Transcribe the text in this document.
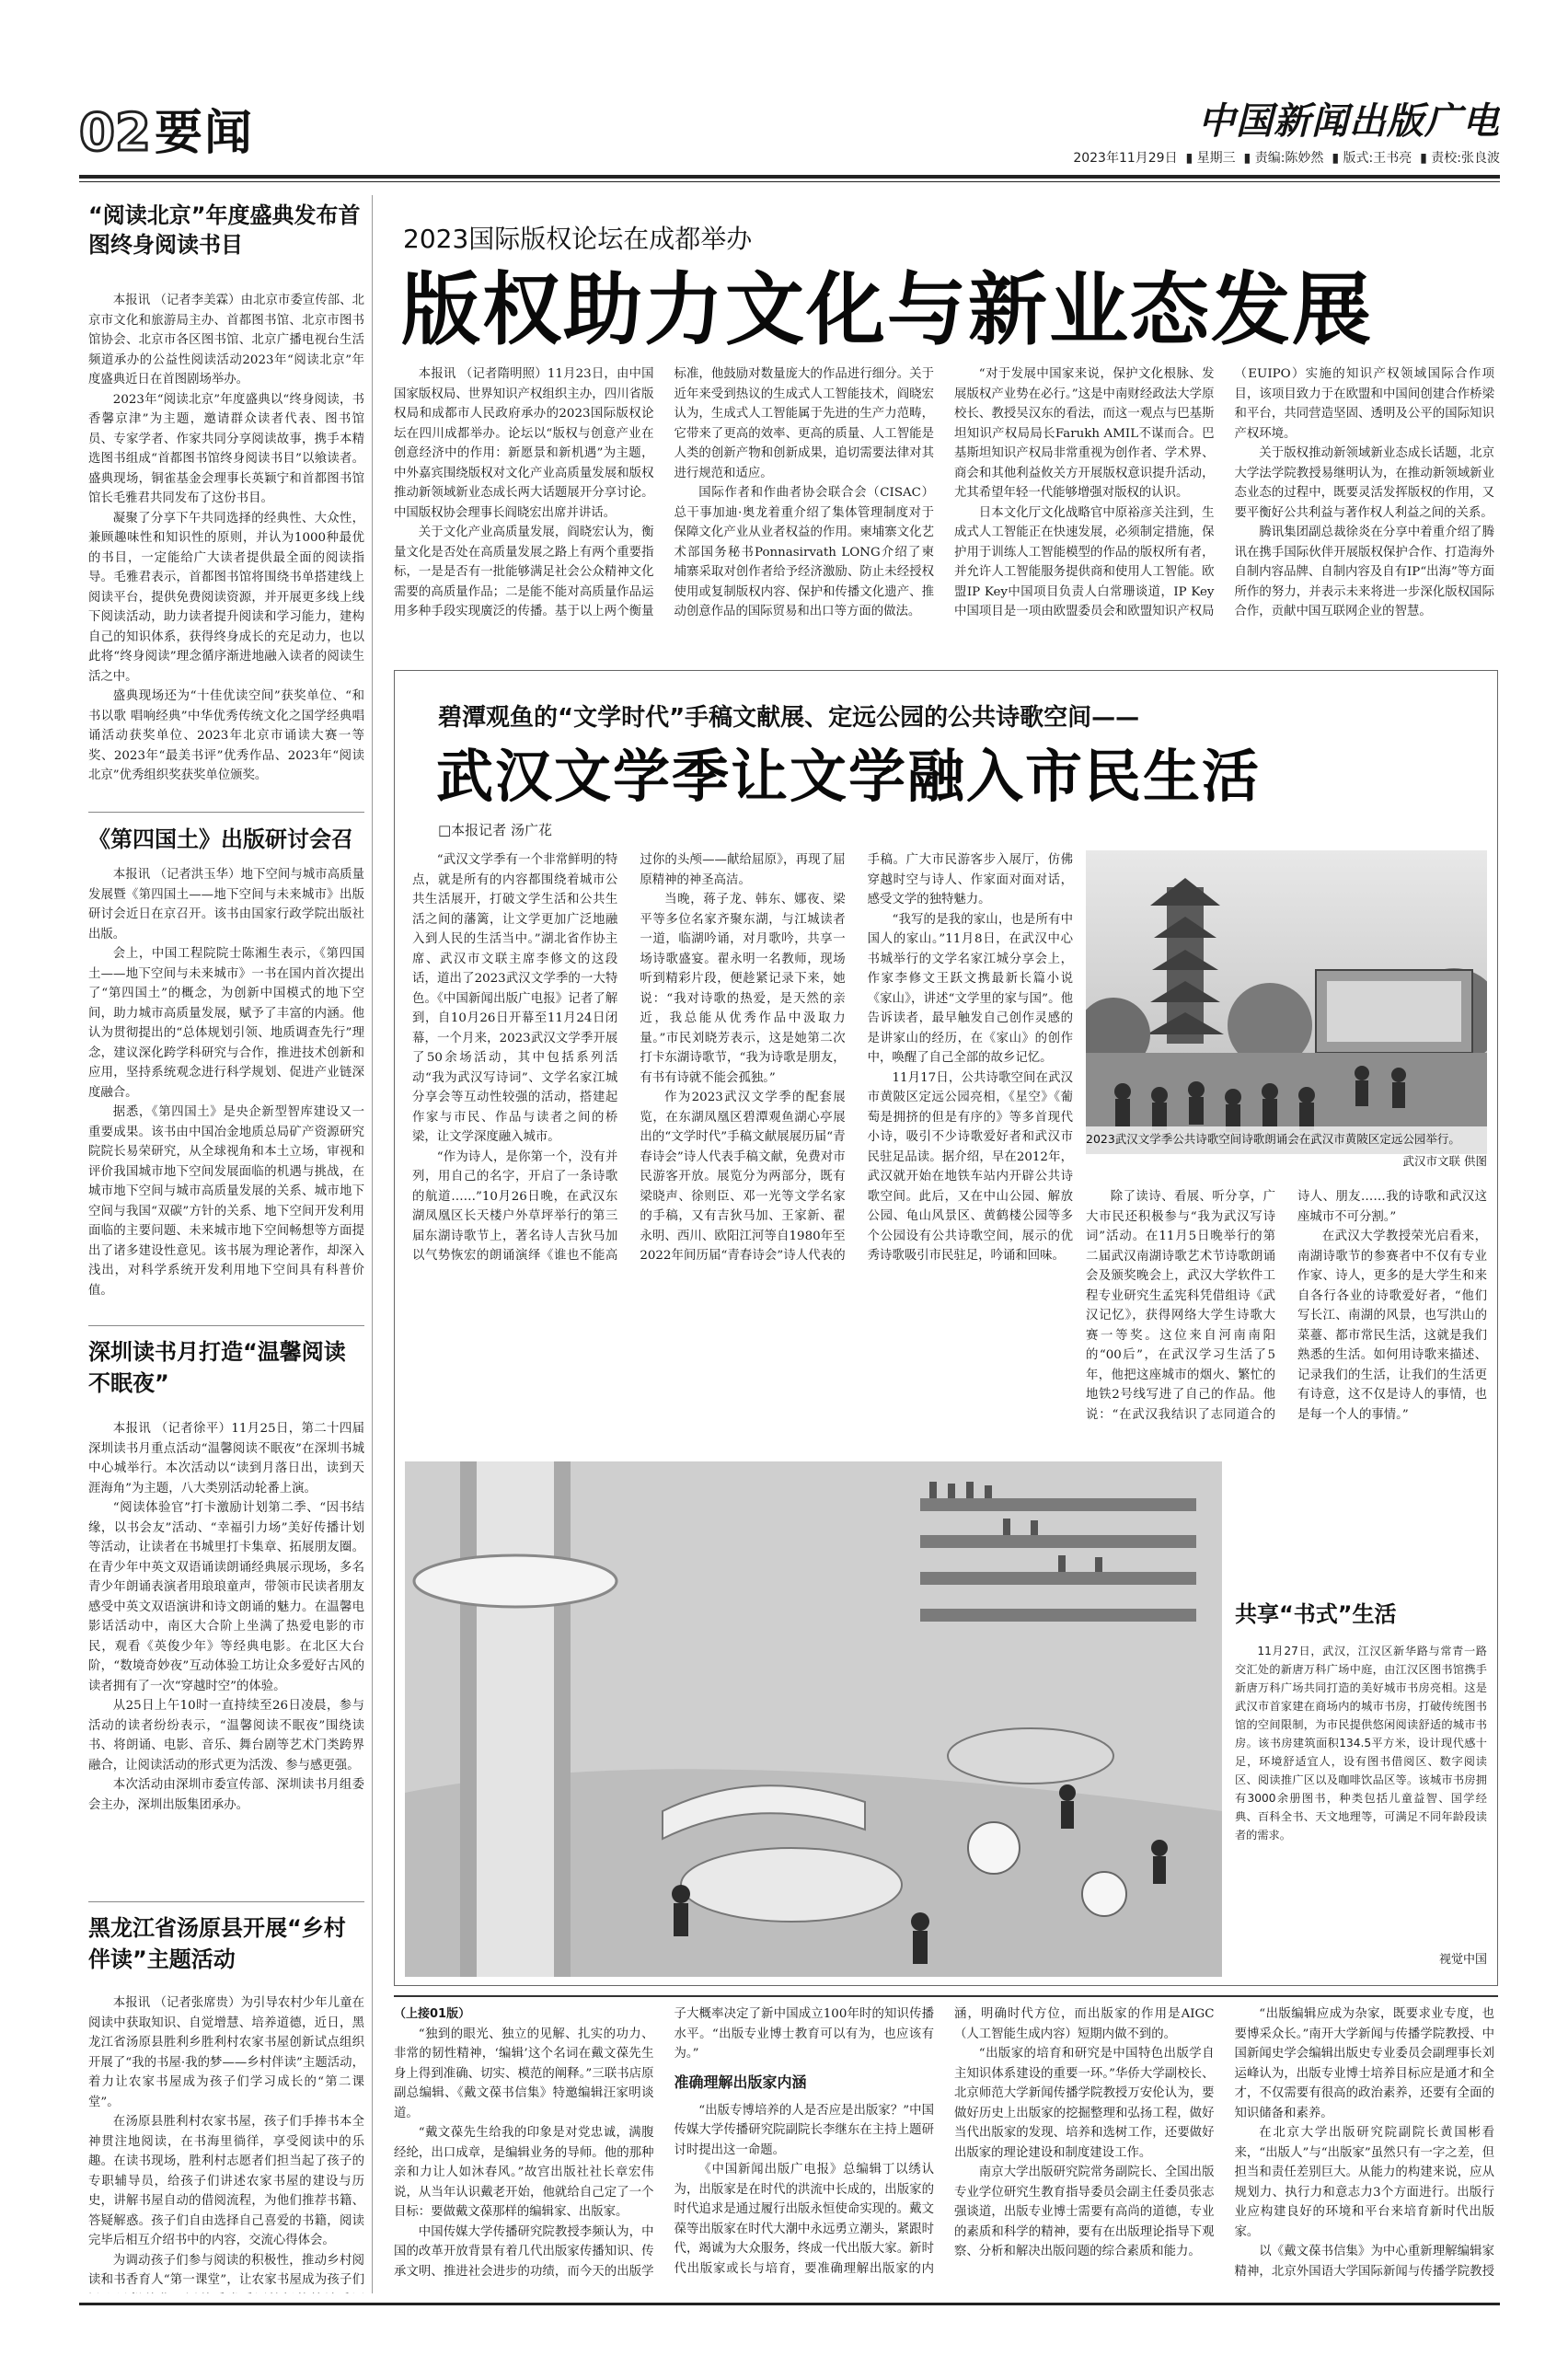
02 要闻	中国新闻出版广电
2023年11月29日  ▮ 星期三  ▮ 责编:陈妙然  ▮ 版式:王书亮  ▮ 责校:张良波
“阅读北京”年度盛典发布首图终身阅读书目

本报讯 （记者李美霖）由北京市委宣传部、北京市文化和旅游局主办、首都图书馆、北京市图书馆协会、北京市各区图书馆、北京广播电视台生活频道承办的公益性阅读活动2023年“阅读北京”年度盛典近日在首图剧场举办。

2023年“阅读北京”年度盛典以“终身阅读，书香馨京津”为主题，邀请群众读者代表、图书馆员、专家学者、作家共同分享阅读故事，携手本精选图书组成“首都图书馆终身阅读书目”以飨读者。盛典现场，铜雀基金会理事长英颖宁和首都图书馆馆长毛雅君共同发布了这份书目。

凝聚了分享下午共同选择的经典性、大众性，兼顾趣味性和知识性的原则，并认为1000种最优的书目，一定能给广大读者提供最全面的阅读指导。毛雅君表示，首都图书馆将围绕书单搭建线上阅读平台，提供免费阅读资源，并开展更多线上线下阅读活动，助力读者提升阅读和学习能力，建构自己的知识体系，获得终身成长的充足动力，也以此将“终身阅读”理念循序渐进地融入读者的阅读生活之中。

盛典现场还为“十佳优读空间”获奖单位、“和书以歌 唱响经典”中华优秀传统文化之国学经典唱诵活动获奖单位、2023年北京市诵读大赛一等奖、2023年“最美书评”优秀作品、2023年“阅读北京”优秀组织奖获奖单位颁奖。

《第四国土》出版研讨会召

本报讯 （记者洪玉华）地下空间与城市高质量发展暨《第四国土——地下空间与未来城市》出版研讨会近日在京召开。该书由国家行政学院出版社出版。

会上，中国工程院院士陈湘生表示，《第四国土——地下空间与未来城市》一书在国内首次提出了“第四国土”的概念，为创新中国模式的地下空间，助力城市高质量发展，赋予了丰富的内涵。他认为贯彻提出的“总体规划引领、地质调查先行”理念，建议深化跨学科研究与合作，推进技术创新和应用，坚持系统观念进行科学规划、促进产业链深度融合。

据悉，《第四国土》是央企新型智库建设又一重要成果。该书由中国冶金地质总局矿产资源研究院院长易荣研究，从全球视角和本土立场，审视和评价我国城市地下空间发展面临的机遇与挑战，在城市地下空间与城市高质量发展的关系、城市地下空间与我国“双碳”方针的关系、地下空间开发利用面临的主要问题、未来城市地下空间畅想等方面提出了诸多建设性意见。该书展为理论著作，却深入浅出，对科学系统开发利用地下空间具有科普价值。

深圳读书月打造“温馨阅读不眠夜”

本报讯 （记者徐平）11月25日，第二十四届深圳读书月重点活动“温馨阅读不眠夜”在深圳书城中心城举行。本次活动以“读到月落日出，读到天涯海角”为主题，八大类别活动轮番上演。

“阅读体验官”打卡激励计划第二季、“因书结缘，以书会友”活动、“幸福引力场”美好传播计划等活动，让读者在书城里打卡集章、拓展朋友圈。在青少年中英文双语诵读朗诵经典展示现场，多名青少年朗诵表演者用琅琅童声，带领市民读者朋友感受中英文双语演讲和诗文朗诵的魅力。在温馨电影话活动中，南区大合阶上坐满了热爱电影的市民，观看《英俊少年》等经典电影。在北区大台阶，“数境奇妙夜”互动体验工坊让众多爱好古风的读者拥有了一次“穿越时空”的体验。

从25日上午10时一直持续至26日凌晨，参与活动的读者纷纷表示，“温馨阅读不眠夜”围绕读书、将朗诵、电影、音乐、舞台剧等艺术门类跨界融合，让阅读活动的形式更为活泼、参与感更强。

本次活动由深圳市委宣传部、深圳读书月组委会主办，深圳出版集团承办。

黑龙江省汤原县开展“乡村伴读”主题活动

本报讯 （记者张席贵）为引导农村少年儿童在阅读中获取知识、自觉增慧、培养道德，近日，黑龙江省汤原县胜利乡胜利村农家书屋创新试点组织开展了“我的书屋·我的梦——乡村伴读”主题活动，着力让农家书屋成为孩子们学习成长的“第二课堂”。

在汤原县胜利村农家书屋，孩子们手捧书本全神贯注地阅读，在书海里徜徉，享受阅读中的乐趣。在读书现场，胜利村志愿者们担当起了孩子的专职辅导员，给孩子们讲述农家书屋的建设与历史，讲解书屋自动的借阅流程，为他们推荐书籍、答疑解惑。孩子们自由选择自己喜爱的书籍，阅读完毕后相互介绍书中的内容，交流心得体会。

为调动孩子们参与阅读的积极性，推动乡村阅读和书香育人“第一课堂”，让农家书屋成为孩子们

2023国际版权论坛在成都举办
版权助力文化与新业态发展

本报讯 （记者隋明照）11月23日，由中国国家版权局、世界知识产权组织主办，四川省版权局和成都市人民政府承办的2023国际版权论坛在四川成都举办。论坛以“版权与创意产业在创意经济中的作用：新愿景和新机遇”为主题，中外嘉宾围绕版权对文化产业高质量发展和版权推动新领域新业态成长两大话题展开分享讨论。中国版权协会理事长阎晓宏出席并讲话。

关于文化产业高质量发展，阎晓宏认为，衡量文化是否处在高质量发展之路上有两个重要指标，一是是否有一批能够满足社会公众精神文化需要的高质量作品；二是能不能对高质量作品运用多种手段实现廣泛的传播。基于以上两个衡量标准，他鼓励对数量庞大的作品进行细分。关于近年来受到热议的生成式人工智能技术，阎晓宏认为，生成式人工智能属于先进的生产力范畴，它带来了更高的效率、更高的质量、人工智能是人类的创新产物和创新成果，追切需要法律对其进行规范和适应。

国际作者和作曲者协会联合会（CISAC）总干事加迪·奥龙着重介绍了集体管理制度对于保障文化产业从业者权益的作用。柬埔寨文化艺术部国务秘书Ponnasirvath LONG介绍了柬埔寨采取对创作者给予经济激励、防止未经授权使用或复制版权内容、保护和传播文化遗产、推动创意作品的国际贸易和出口等方面的做法。

“对于发展中国家来说，保护文化根脉、发展版权产业势在必行。”这是中南财经政法大学原校长、教授吴汉东的看法，而这一观点与巴基斯坦知识产权局局长Farukh AMIL不谋而合。巴基斯坦知识产权局非常重视为创作者、学术界、商会和其他利益攸关方开展版权意识提升活动，尤其希望年轻一代能够增强对版权的认识。

日本文化厅文化战略官中原裕彦关注到，生成式人工智能正在快速发展，必须制定措施，保护用于训练人工智能模型的作品的版权所有者，并允许人工智能服务提供商和使用人工智能。欧盟IP Key中国项目负责人白常珊谈道，IP Key中国项目是一项由欧盟委员会和欧盟知识产权局（EUIPO）实施的知识产权领域国际合作项目，该项目致力于在欧盟和中国间创建合作桥梁和平台，共同营造坚固、透明及公平的国际知识产权环境。

关于版权推动新领域新业态成长话题，北京大学法学院教授易继明认为，在推动新领域新业态业态的过程中，既要灵活发挥版权的作用，又要平衡好公共利益与著作权人利益之间的关系。

腾讯集团副总裁徐炎在分享中着重介绍了腾讯在携手国际伙伴开展版权保护合作、打造海外自制内容品牌、自制内容及自有IP“出海”等方面所作的努力，并表示未来将进一步深化版权国际合作，贡献中国互联网企业的智慧。

碧潭观鱼的“文学时代”手稿文献展、定远公园的公共诗歌空间——
武汉文学季让文学融入市民生活
□本报记者 汤广花

“武汉文学季有一个非常鲜明的特点，就是所有的内容都围绕着城市公共生活展开，打破文学生活和公共生活之间的藩篱，让文学更加广泛地融入到人民的生活当中。”湖北省作协主席、武汉市文联主席李修文的这段话，道出了2023武汉文学季的一大特色。《中国新闻出版广电报》记者了解到，自10月26日开幕至11月24日闭幕，一个月来，2023武汉文学季开展了50余场活动，其中包括系列活动“我为武汉写诗词”、文学名家江城分享会等互动性较强的活动，搭建起作家与市民、作品与读者之间的桥梁，让文学深度融入城市。

“作为诗人，是你第一个，没有并列，用自己的名字，开启了一条诗歌的航道……”10月26日晚，在武汉东湖凤凰区长天楼户外草坪举行的第三届东湖诗歌节上，著名诗人吉狄马加以气势恢宏的朗诵演绎《谁也不能高过你的头颅——献给屈原》，再现了屈原精神的神圣高洁。

当晚，蒋子龙、韩东、娜夜、梁平等多位名家齐聚东湖，与江城读者一道，临湖吟诵，对月歌吟，共享一场诗歌盛宴。翟永明一名教师，现场听到精彩片段，便趁紧记录下来，她说：“我对诗歌的热爱，是天然的亲近，我总能从优秀作品中汲取力量。”市民刘晓芳表示，这是她第二次打卡东湖诗歌节，“我为诗歌是朋友，有书有诗就不能会孤独。”

作为2023武汉文学季的配套展览，在东湖凤凰区碧潭观鱼湖心亭展出的“文学时代”手稿文献展展历届“青春诗会”诗人代表手稿文献，免费对市民游客开放。展览分为两部分，既有梁晓声、徐则臣、邓一光等文学名家的手稿，又有吉狄马加、王家新、翟永明、西川、欧阳江河等自1980年至2022年间历届“青春诗会”诗人代表的手稿。广大市民游客步入展厅，仿佛穿越时空与诗人、作家面对面对话，感受文学的独特魅力。

“我写的是我的家山，也是所有中国人的家山。”11月8日，在武汉中心书城举行的文学名家江城分享会上，作家李修文王跃文携最新长篇小说《家山》，讲述“文学里的家与国”。他告诉读者，最早触发自己创作灵感的是讲家山的经历，在《家山》的创作中，唤醒了自己全部的故乡记忆。

11月17日，公共诗歌空间在武汉市黄陂区定远公园亮相，《星空》《葡萄是拥挤的但是有序的》等多首现代小诗，吸引不少诗歌爱好者和武汉市民驻足品读。据介绍，早在2012年，武汉就开始在地铁车站内开辟公共诗歌空间。此后，又在中山公园、解放公园、龟山风景区、黄鹤楼公园等多个公园设有公共诗歌空间，展示的优秀诗歌吸引市民驻足，吟诵和回味。

2023武汉文学季公共诗歌空间诗歌朗诵会在武汉市黄陂区定远公园举行。
武汉市文联 供图

除了读诗、看展、听分享，广大市民还积极参与“我为武汉写诗词”活动。在11月5日晚举行的第二届武汉南湖诗歌艺术节诗歌朗诵会及颁奖晚会上，武汉大学软件工程专业研究生孟宪科凭借组诗《武汉记忆》，获得网络大学生诗歌大赛一等奖。这位来自河南南阳的“00后”，在武汉学习生活了5年，他把这座城市的烟火、繁忙的地铁2号线写进了自己的作品。他说：“在武汉我结识了志同道合的诗人、朋友……我的诗歌和武汉这座城市不可分割。”

在武汉大学教授荣光启看来，南湖诗歌节的参赛者中不仅有专业作家、诗人，更多的是大学生和来自各行各业的诗歌爱好者，“他们写长江、南湖的风景，也写洪山的菜薹、都市常民生活，这就是我们熟悉的生活。如何用诗歌来描述、记录我们的生活，让我们的生活更有诗意，这不仅是诗人的事情，也是每一个人的事情。”

共享“书式”生活
11月27日，武汉，江汉区新华路与常青一路交汇处的新唐万科广场中庭，由江汉区图书馆携手新唐万科广场共同打造的美好城市书房亮相。这是武汉市首家建在商场内的城市书房，打破传统图书馆的空间限制，为市民提供悠闲阅读舒适的城市书房。该书房建筑面积134.5平方米，设计现代感十足，环境舒适宜人，设有图书借阅区、数字阅读区、阅读推广区以及咖啡饮品区等。该城市书房拥有3000余册图书，种类包括儿童益智、国学经典、百科全书、天文地理等，可满足不同年龄段读者的需求。
视觉中国
（上接01版）

“独到的眼光、独立的见解、扎实的功力、非常的韧性精神，‘编辑’这个名词在戴文葆先生身上得到准确、切实、模范的阐释。”三联书店原副总编辑、《戴文葆书信集》特邀编辑汪家明谈道。

“戴文葆先生给我的印象是对党忠诚，满腹经纶，出口成章，是编辑业务的导师。他的那种亲和力让人如沐春风。”故宫出版社社长章宏伟说，从当年认识戴老开始，他就给自己定了一个目标：要做戴文葆那样的编辑家、出版家。

中国传媒大学传播研究院教授李频认为，中国的改革开放背景有着几代出版家传播知识、传承文明、推进社会进步的功绩，而今天的出版学子大概率决定了新中国成立100年时的知识传播水平。“出版专业博士教育可以有为，也应该有为。”

准确理解出版家内涵

“出版专博培养的人是否应是出版家？”中国传媒大学传播研究院副院长李继东在主持上题研讨时提出这一命题。

《中国新闻出版广电报》总编辑丁以绣认为，出版家是在时代的洪流中长成的，出版家的时代追求是通过履行出版永恒使命实现的。戴文葆等出版家在时代大潮中永远勇立潮头，紧跟时代，竭诚为大众服务，终成一代出版大家。新时代出版家或长与培育，要准确理解出版家的内涵，明确时代方位，而出版家的作用是AIGC（人工智能生成内容）短期内做不到的。

“出版家的培育和研究是中国特色出版学自主知识体系建设的重要一环。”华侨大学副校长、北京师范大学新闻传播学院教授万安伦认为，要做好历史上出版家的挖掘整理和弘扬工程，做好当代出版家的发现、培养和选树工作，还要做好出版家的理论建设和制度建设工作。

南京大学出版研究院常务副院长、全国出版专业学位研究生教育指导委员会副主任委员张志强谈道，出版专业博士需要有高尚的道德，专业的素质和科学的精神，要有在出版理论指导下观察、分析和解决出版问题的综合素质和能力。

“出版编辑应成为杂家，既要求业专度，也要博采众长。”南开大学新闻与传播学院教授、中国新闻史学会编辑出版史专业委员会副理事长刘运峰认为，出版专业博士培养目标应是通才和全才，不仅需要有很高的政治素养，还要有全面的知识储备和素养。

在北京大学出版研究院副院长黄国彬看来，“出版人”与“出版家”虽然只有一字之差，但担当和责任差别巨大。从能力的构建来说，应从规划力、执行力和意志力3个方面进行。出版行业应构建良好的环境和平台来培育新时代出版家。

以《戴文葆书信集》为中心重新理解编辑家精神，北京外国语大学国际新闻与传播学院教授
